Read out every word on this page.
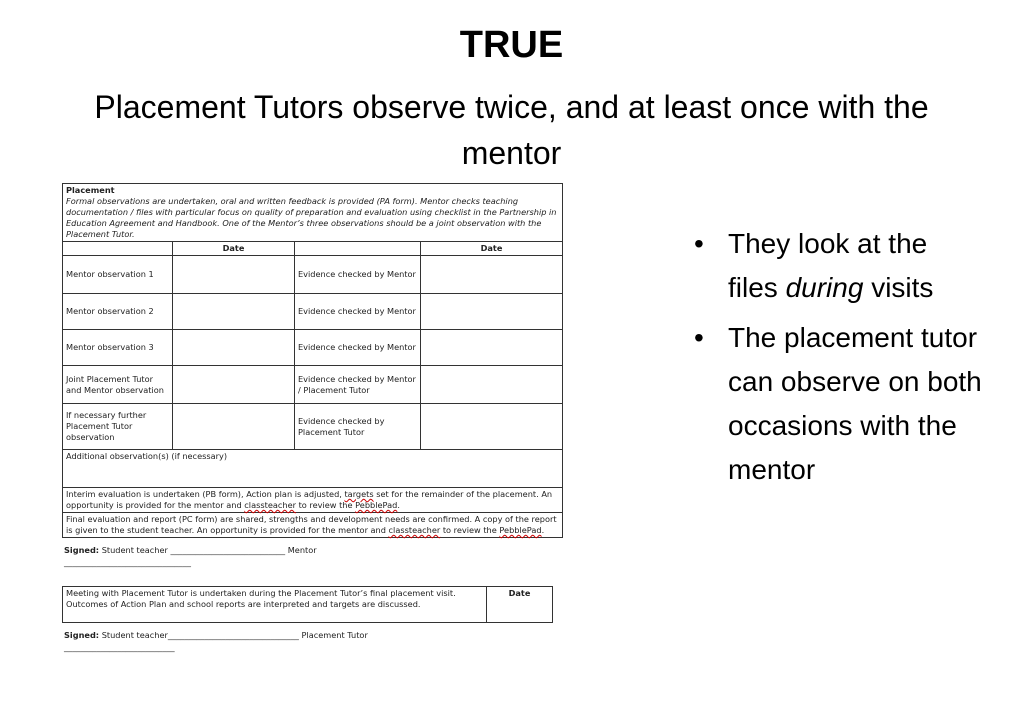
TRUE
Placement Tutors observe twice, and at least once with the mentor
Placement
Formal observations are undertaken, oral and written feedback is provided (PA form). Mentor checks teaching documentation / files with particular focus on quality of preparation and evaluation using checklist in the Partnership in Education Agreement and Handbook. One of the Mentor’s three observations should be a joint observation with the Placement Tutor.			

	Date		Date
Mentor observation 1		Evidence checked by Mentor	
Mentor observation 2		Evidence checked by Mentor	
Mentor observation 3		Evidence checked by Mentor	
Joint Placement Tutor and Mentor observation		Evidence checked by Mentor / Placement Tutor	
If necessary further Placement Tutor observation		Evidence checked by Placement Tutor	
Additional observation(s) (if necessary)			
Interim evaluation is undertaken (PB form), Action plan is adjusted, targets set for the remainder of the placement. An opportunity is provided for the mentor and classteacher to review the PebblePad.			
Final evaluation and report (PC form) are shared, strengths and development needs are confirmed. A copy of the report is given to the student teacher. An opportunity is provided for the mentor and classteacher to review the PebblePad.			
Signed: Student teacher ____________________________ Mentor
_______________________________
Meeting with Placement Tutor is undertaken during the Placement Tutor’s final placement visit. Outcomes of Action Plan and school reports are interpreted and targets are discussed.	Date
Signed: Student teacher________________________________ Placement Tutor
___________________________
• They look at the files during visits
• The placement tutor can observe on both occasions with the mentor
